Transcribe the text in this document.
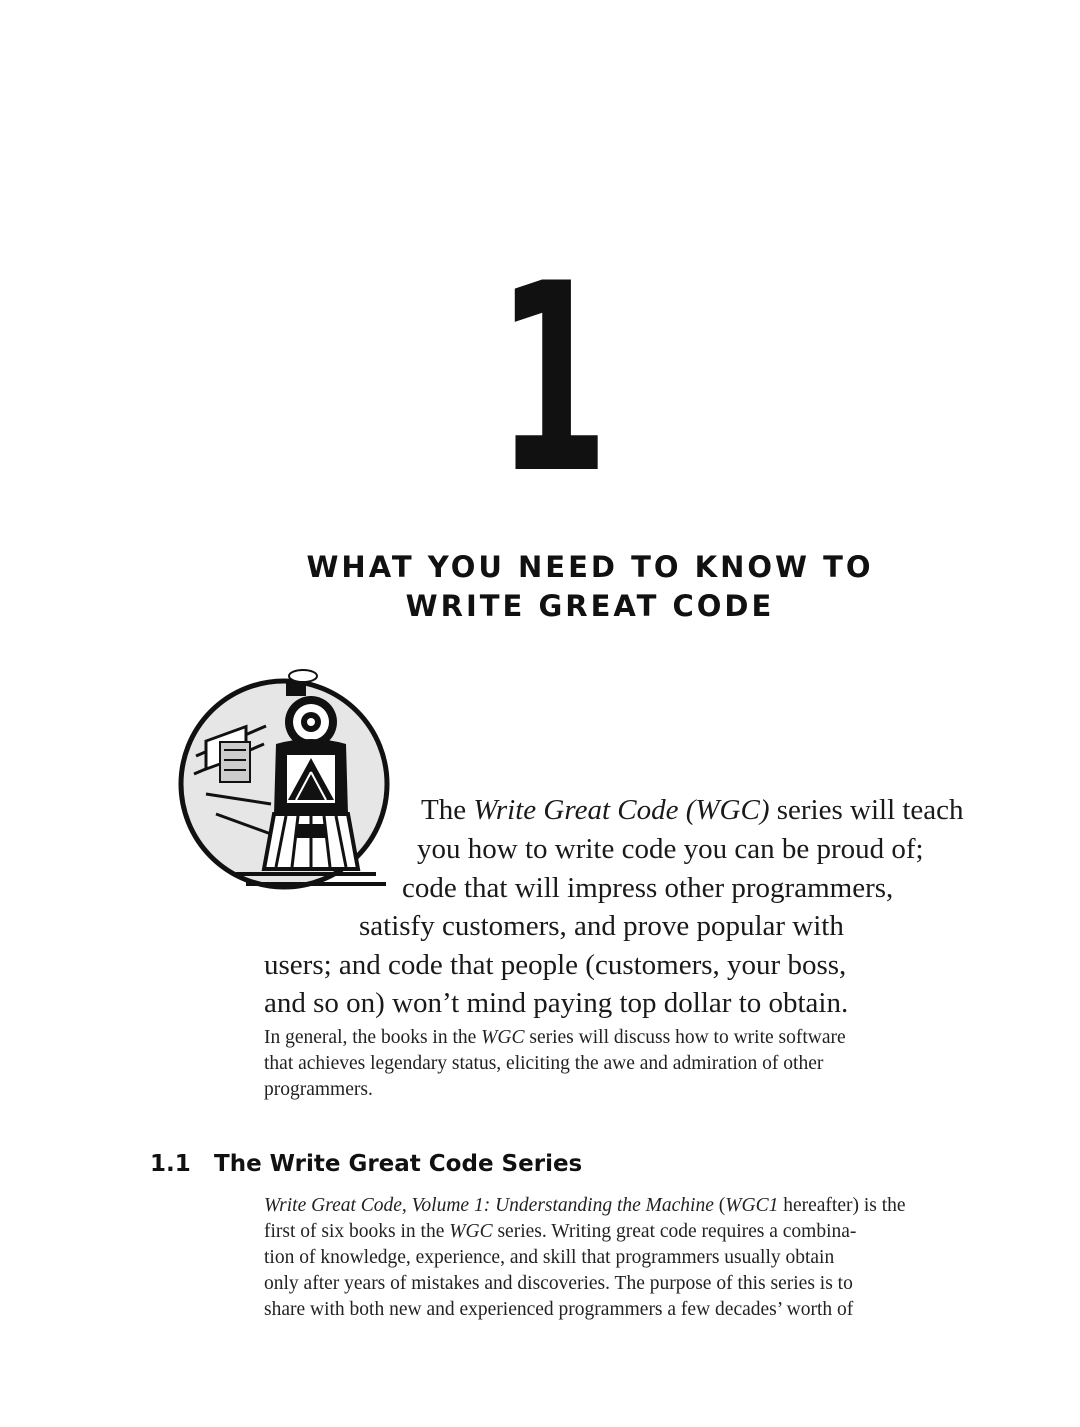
1
WHAT YOU NEED TO KNOW TO
WRITE GREAT CODE
The Write Great Code (WGC) series will teach
you how to write code you can be proud of;
code that will impress other programmers,
satisfy customers, and prove popular with
users; and code that people (customers, your boss,
and so on) won’t mind paying top dollar to obtain.
In general, the books in the WGC series will discuss how to write software
that achieves legendary status, eliciting the awe and admiration of other
programmers.
1.1 The Write Great Code Series
Write Great Code, Volume 1: Understanding the Machine (WGC1 hereafter) is the
first of six books in the WGC series. Writing great code requires a combina-
tion of knowledge, experience, and skill that programmers usually obtain
only after years of mistakes and discoveries. The purpose of this series is to
share with both new and experienced programmers a few decades’ worth of
